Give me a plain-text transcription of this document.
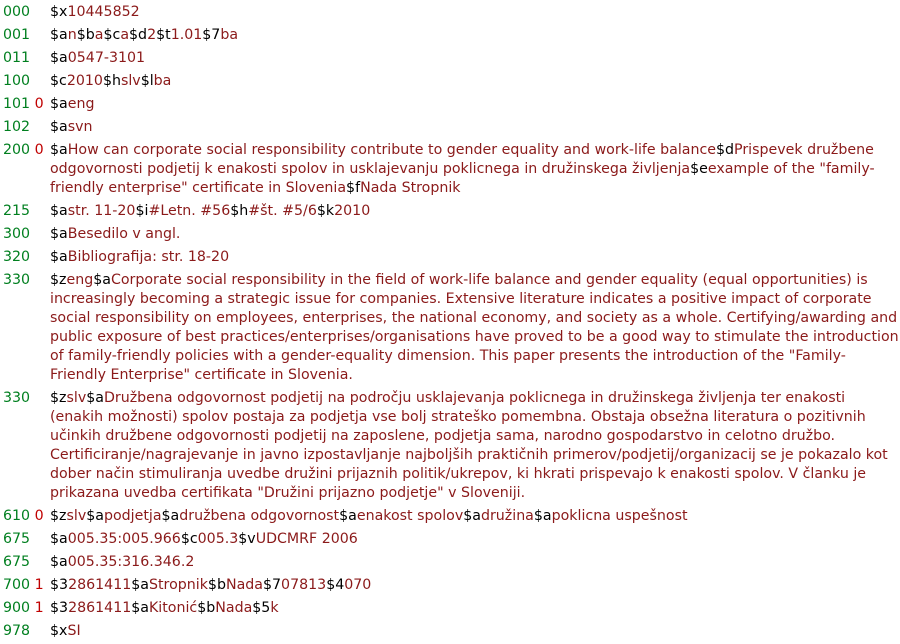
000	$x10445852
001	$an$ba$ca$d2$t1.01$7ba
011	$a0547-3101
100	$c2010$hslv$lba
101 0 $aeng
102	$asvn
200 0 $aHow can corporate social responsibility contribute to gender equality and work-life balance$dPrispevek družbene odgovornosti podjetij k enakosti spolov in usklajevanju poklicnega in družinskega življenja$eexample of the "family-friendly enterprise" certificate in Slovenia$fNada Stropnik
215	$astr. 11-20$i#Letn. #56$h#št. #5/6$k2010
300	$aBesedilo v angl.
320	$aBibliografija: str. 18-20
330	$zeng$aCorporate social responsibility in the field of work-life balance and gender equality (equal opportunities) is increasingly becoming a strategic issue for companies. Extensive literature indicates a positive impact of corporate social responsibility on employees, enterprises, the national economy, and society as a whole. Certifying/awarding and public exposure of best practices/enterprises/organisations have proved to be a good way to stimulate the introduction of family-friendly policies with a gender-equality dimension. This paper presents the introduction of the "Family-Friendly Enterprise" certificate in Slovenia.
330	$zslv$aDružbena odgovornost podjetij na področju usklajevanja poklicnega in družinskega življenja ter enakosti (enakih možnosti) spolov postaja za podjetja vse bolj strateško pomembna. Obstaja obsežna literatura o pozitivnih učinkih družbene odgovornosti podjetij na zaposlene, podjetja sama, narodno gospodarstvo in celotno družbo. Certificiranje/nagrajevanje in javno izpostavljanje najboljših praktičnih primerov/podjetij/organizacij se je pokazalo kot dober način stimuliranja uvedbe družini prijaznih politik/ukrepov, ki hkrati prispevajo k enakosti spolov. V članku je prikazana uvedba certifikata "Družini prijazno podjetje" v Sloveniji.
610 0 $zslv$apodjetja$adružbena odgovornost$aenakost spolov$adružina$apoklicna uspešnost
675	$a005.35:005.966$c005.3$vUDCMRF 2006
675	$a005.35:316.346.2
700 1 $32861411$aStropnik$bNada$707813$4070
900 1 $32861411$aKitonić$bNada$5k
978	$xSI
